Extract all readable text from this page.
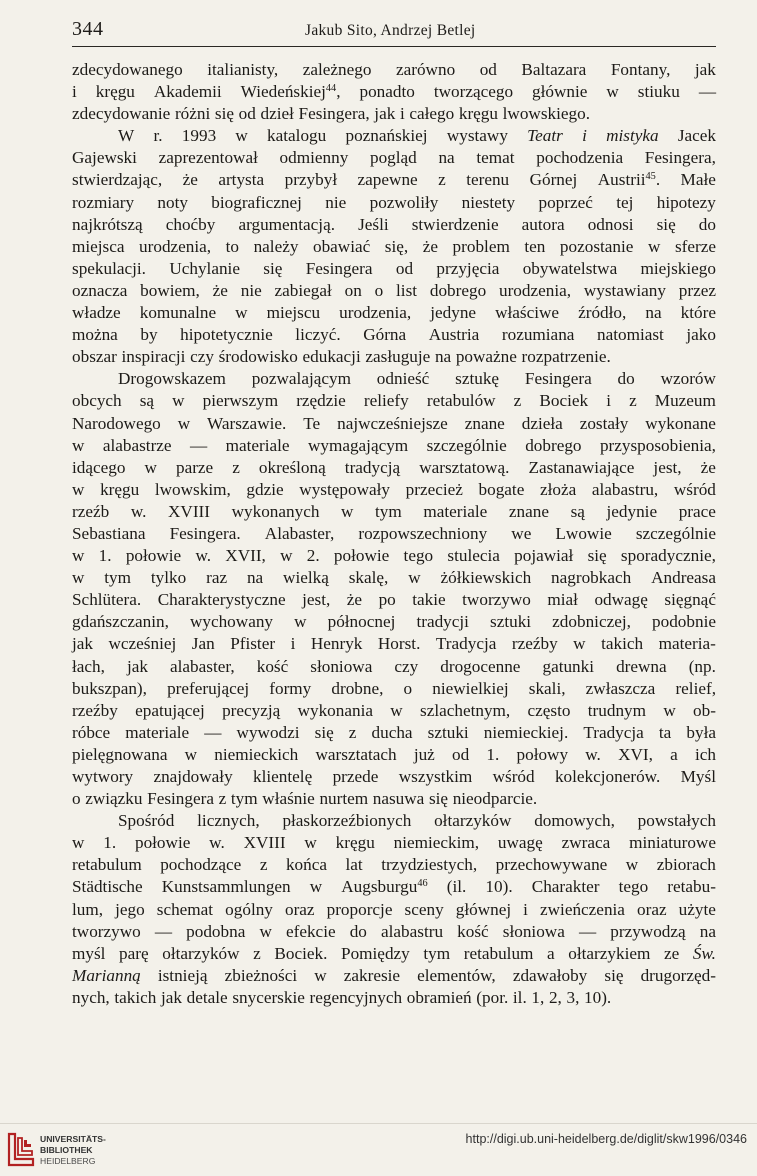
344	Jakub Sito, Andrzej Betlej
zdecydowanego italianisty, zależnego zarówno od Baltazara Fontany, jak
i kręgu Akademii Wiedeńskiej$^{44}$, ponadto tworzącego głównie w stiuku —
zdecydowanie różni się od dzieł Fesingera, jak i całego kręgu lwowskiego.
W r. 1993 w katalogu poznańskiej wystawy Teatr i mistyka Jacek
Gajewski zaprezentował odmienny pogląd na temat pochodzenia Fesingera,
stwierdzając, że artysta przybył zapewne z terenu Górnej Austrii$^{45}$. Małe
rozmiary noty biograficznej nie pozwoliły niestety poprzeć tej hipotezy
najkrótszą choćby argumentacją. Jeśli stwierdzenie autora odnosi się do
miejsca urodzenia, to należy obawiać się, że problem ten pozostanie w sferze
spekulacji. Uchylanie się Fesingera od przyjęcia obywatelstwa miejskiego
oznacza bowiem, że nie zabiegał on o list dobrego urodzenia, wystawiany przez
władze komunalne w miejscu urodzenia, jedyne właściwe źródło, na które
można by hipotetycznie liczyć. Górna Austria rozumiana natomiast jako
obszar inspiracji czy środowisko edukacji zasługuje na poważne rozpatrzenie.
Drogowskazem pozwalającym odnieść sztukę Fesingera do wzorów
obcych są w pierwszym rzędzie reliefy retabulów z Bociek i z Muzeum
Narodowego w Warszawie. Te najwcześniejsze znane dzieła zostały wykonane
w alabastrze — materiale wymagającym szczególnie dobrego przysposobienia,
idącego w parze z określoną tradycją warsztatową. Zastanawiające jest, że
w kręgu lwowskim, gdzie występowały przecież bogate złoża alabastru, wśród
rzeźb w. XVIII wykonanych w tym materiale znane są jedynie prace
Sebastiana Fesingera. Alabaster, rozpowszechniony we Lwowie szczególnie
w 1. połowie w. XVII, w 2. połowie tego stulecia pojawiał się sporadycznie,
w tym tylko raz na wielką skalę, w żółkiewskich nagrobkach Andreasa
Schlütera. Charakterystyczne jest, że po takie tworzywo miał odwagę sięgnąć
gdańszczanin, wychowany w północnej tradycji sztuki zdobniczej, podobnie
jak wcześniej Jan Pfister i Henryk Horst. Tradycja rzeźby w takich materia-
łach, jak alabaster, kość słoniowa czy drogocenne gatunki drewna (np.
bukszpan), preferującej formy drobne, o niewielkiej skali, zwłaszcza relief,
rzeźby epatującej precyzją wykonania w szlachetnym, często trudnym w ob-
róbce materiale — wywodzi się z ducha sztuki niemieckiej. Tradycja ta była
pielęgnowana w niemieckich warsztatach już od 1. połowy w. XVI, a ich
wytwory znajdowały klientelę przede wszystkim wśród kolekcjonerów. Myśl
o związku Fesingera z tym właśnie nurtem nasuwa się nieodparcie.
Spośród licznych, płaskorzeźbionych ołtarzyków domowych, powstałych
w 1. połowie w. XVIII w kręgu niemieckim, uwagę zwraca miniaturowe
retabulum pochodzące z końca lat trzydziestych, przechowywane w zbiorach
Städtische Kunstsammlungen w Augsburgu$^{46}$ (il. 10). Charakter tego retabu-
lum, jego schemat ogólny oraz proporcje sceny głównej i zwieńczenia oraz użyte
tworzywo — podobna w efekcie do alabastru kość słoniowa — przywodzą na
myśl parę ołtarzyków z Bociek. Pomiędzy tym retabulum a ołtarzykiem ze Św.
Marianną istnieją zbieżności w zakresie elementów, zdawałoby się drugorzęd-
nych, takich jak detale snycerskie regencyjnych obramień (por. il. 1, 2, 3, 10).
UNIVERSITÄTS-
BIBLIOTHEK
HEIDELBERG
http://digi.ub.uni-heidelberg.de/diglit/skw1996/0346
